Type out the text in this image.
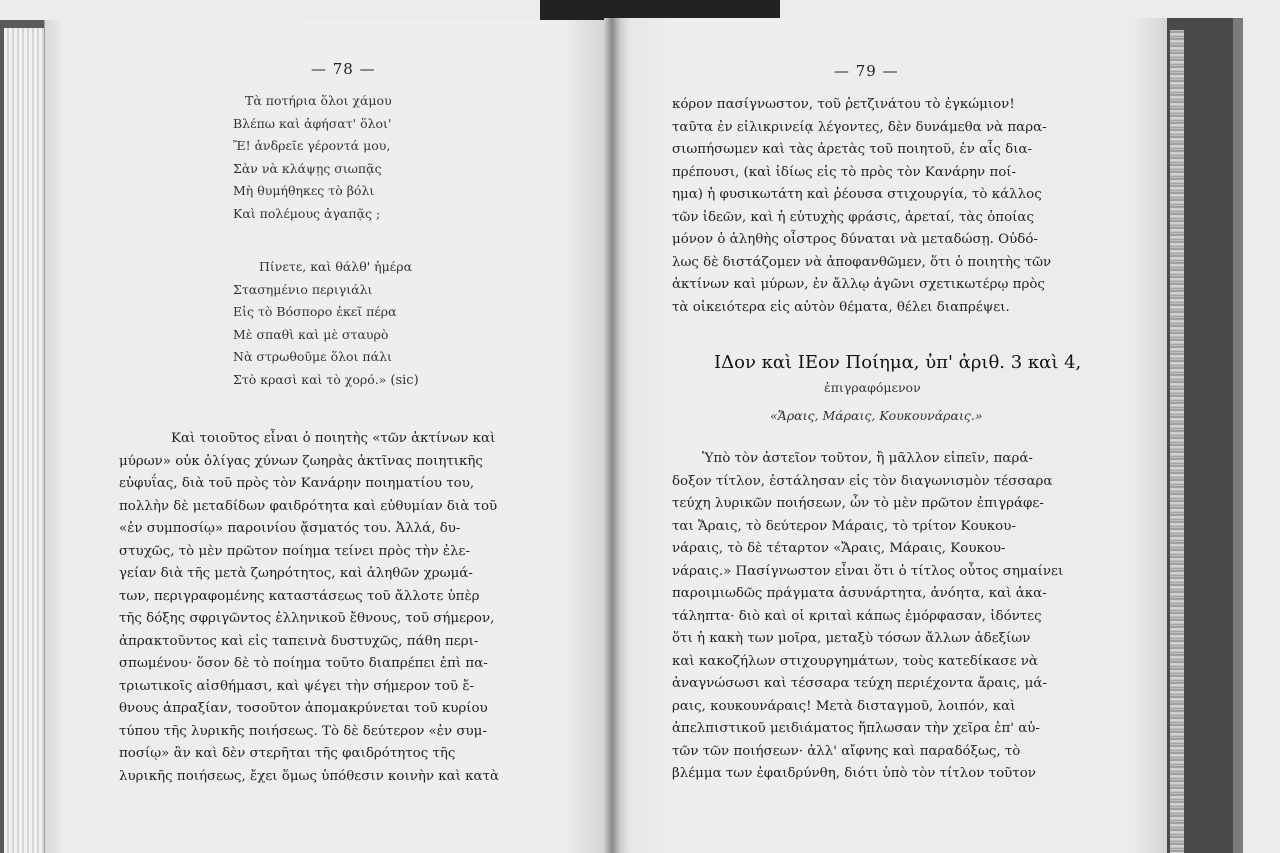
— 78 —
Τὰ ποτήρια ὅλοι χάμου
Βλέπω καὶ ἀφήσατ' ὅλοι'
Ἔ! ἀνδρεῖε γέροντά μου,
Σὰν νὰ κλάψῃς σιωπᾷς
Μὴ θυμήθηκες τὸ βόλι
Καὶ πολέμους ἀγαπᾷς ;
Πίνετε, καὶ θάλθ' ἡμέρα
Στασημένιο περιγιάλι
Εἰς τὸ Βόσπορο ἐκεῖ πέρα
Μὲ σπαθὶ καὶ μὲ σταυρὸ
Νὰ στρωθοῦμε ὅλοι πάλι
Στὸ κρασὶ καὶ τὸ χορό.» (sic)
Καὶ τοιοῦτος εἶναι ὁ ποιητὴς «τῶν ἀκτίνων καὶ
μύρων» οὐκ ὀλίγας χύνων ζωηρὰς ἀκτῖνας ποιητικῆς
εὐφυΐας, διὰ τοῦ πρὸς τὸν Κανάρην ποιηματίου του,
πολλὴν δὲ μεταδίδων φαιδρότητα καὶ εὐθυμίαν διὰ τοῦ
«ἐν συμποσίῳ» παροινίου ᾄσματός του. Ἀλλά, δυ-
στυχῶς, τὸ μὲν πρῶτον ποίημα τείνει πρὸς τὴν ἐλε-
γείαν διὰ τῆς μετὰ ζωηρότητος, καὶ ἀληθῶν χρωμά-
των, περιγραφομένης καταστάσεως τοῦ ἄλλοτε ὑπὲρ
τῆς δόξης σφριγῶντος ἑλληνικοῦ ἔθνους, τοῦ σήμερον,
ἀπρακτοῦντος καὶ εἰς ταπεινὰ δυστυχῶς, πάθη περι-
σπωμένου· ὅσον δὲ τὸ ποίημα τοῦτο διαπρέπει ἐπὶ πα-
τριωτικοῖς αἰσθήμασι, καὶ ψέγει τὴν σήμερον τοῦ ἔ-
θνους ἀπραξίαν, τοσοῦτον ἀπομακρύνεται τοῦ κυρίου
τύπου τῆς λυρικῆς ποιήσεως. Τὸ δὲ δεύτερον «ἐν συμ-
ποσίῳ» ἂν καὶ δὲν στερῆται τῆς φαιδρότητος τῆς
λυρικῆς ποιήσεως, ἔχει ὅμως ὑπόθεσιν κοινὴν καὶ κατὰ
— 79 —
κόρον πασίγνωστον, τοῦ ῥετζινάτου τὸ ἐγκώμιον!
ταῦτα ἐν εἰλικρινείᾳ λέγοντες, δὲν δυνάμεθα νὰ παρα-
σιωπήσωμεν καὶ τὰς ἀρετὰς τοῦ ποιητοῦ, ἐν αἷς δια-
πρέπουσι, (καὶ ἰδίως εἰς τὸ πρὸς τὸν Κανάρην ποί-
ημα) ἡ φυσικωτάτη καὶ ῥέουσα στιχουργία, τὸ κάλλος
τῶν ἰδεῶν, καὶ ἡ εὐτυχὴς φράσις, ἀρεταί, τὰς ὁποίας
μόνον ὁ ἀληθὴς οἶστρος δύναται νὰ μεταδώσῃ. Οὐδό-
λως δὲ διστάζομεν νὰ ἀποφανθῶμεν, ὅτι ὁ ποιητὴς τῶν
ἀκτίνων καὶ μύρων, ἐν ἄλλῳ ἀγῶνι σχετικωτέρῳ πρὸς
τὰ οἰκειότερα εἰς αὐτὸν θέματα, θέλει διαπρέψει.
ΙΔον καὶ ΙΕον Ποίημα, ὑπ' ἀριθ. 3 καὶ 4,
ἐπιγραφόμενον
«Ἄραις, Μάραις, Κουκουνάραις.»
Ὑπὸ τὸν ἀστεῖον τοῦτον, ἢ μᾶλλον εἰπεῖν, παρά-
δοξον τίτλον, ἐστάλησαν εἰς τὸν διαγωνισμὸν τέσσαρα
τεύχη λυρικῶν ποιήσεων, ὧν τὸ μὲν πρῶτον ἐπιγράφε-
ται Ἄραις, τὸ δεύτερον Μάραις, τὸ τρίτον Κουκου-
νάραις, τὸ δὲ τέταρτον «Ἄραις, Μάραις, Κουκου-
νάραις.» Πασίγνωστον εἶναι ὅτι ὁ τίτλος οὗτος σημαίνει
παροιμιωδῶς πράγματα ἀσυνάρτητα, ἀνόητα, καὶ ἀκα-
τάληπτα· διὸ καὶ οἱ κριταὶ κάπως ἐμόρφασαν, ἰδόντες
ὅτι ἡ κακὴ των μοῖρα, μεταξὺ τόσων ἄλλων ἀδεξίων
καὶ κακοζήλων στιχουργημάτων, τοὺς κατεδίκασε νὰ
ἀναγνώσωσι καὶ τέσσαρα τεύχη περιέχοντα ἄραις, μά-
ραις, κουκουνάραις! Μετὰ δισταγμοῦ, λοιπόν, καὶ
ἀπελπιστικοῦ μειδιάματος ἥπλωσαν τὴν χεῖρα ἐπ' αὐ-
τῶν τῶν ποιήσεων· ἀλλ' αἴφνης καὶ παραδόξως, τὸ
βλέμμα των ἐφαιδρύνθη, διότι ὑπὸ τὸν τίτλον τοῦτον
